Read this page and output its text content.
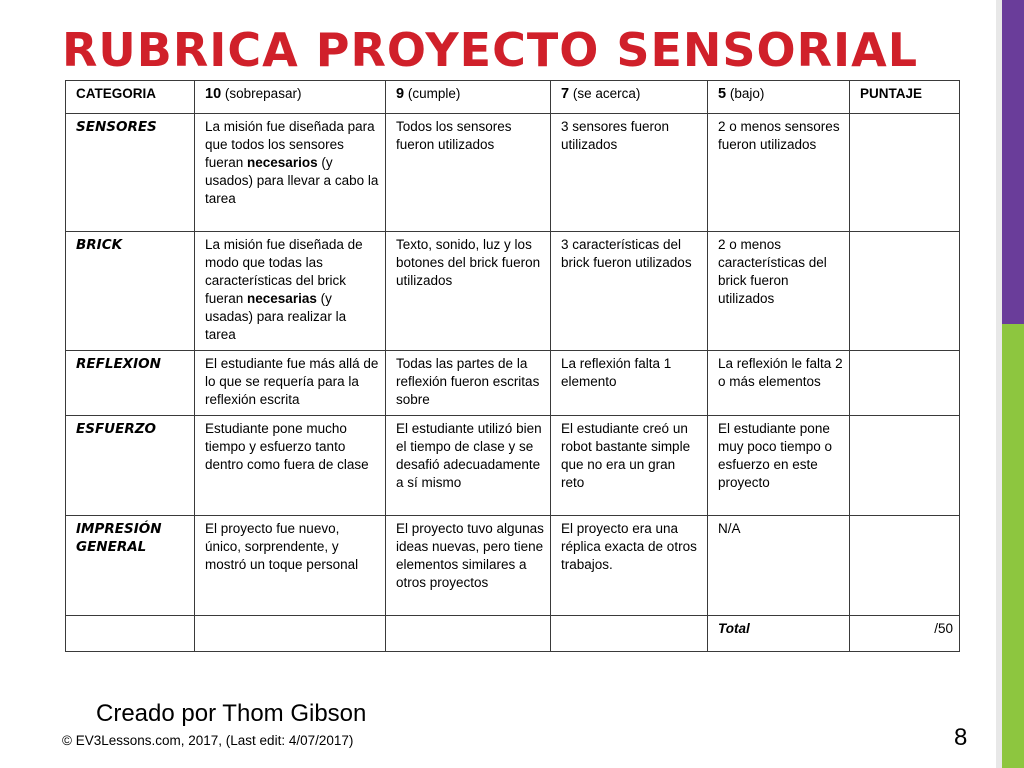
RUBRICA PROYECTO SENSORIAL
CATEGORIA	10 (sobrepasar)	9 (cumple)	7 (se acerca)	5 (bajo)	PUNTAJE
SENSORES	La misión fue diseñada para que todos los sensores fueran necesarios (y usados) para llevar a cabo la tarea	Todos los sensores fueron utilizados	3 sensores fueron utilizados	2 o menos sensores fueron utilizados	
BRICK	La misión fue diseñada de modo que todas las características del brick fueran necesarias (y usadas) para realizar la tarea	Texto, sonido, luz y los botones del brick fueron utilizados	3 características del brick fueron utilizados	2 o menos características del brick fueron utilizados	
REFLEXION	El estudiante fue más allá de lo que se requería para la reflexión escrita	Todas las partes de la reflexión fueron escritas sobre	La reflexión falta 1 elemento	La reflexión le falta 2 o más elementos	
ESFUERZO	Estudiante pone mucho tiempo y esfuerzo tanto dentro como fuera de clase	El estudiante utilizó bien el tiempo de clase y se desafió adecuadamente a sí mismo	El estudiante creó un robot bastante simple que no era un gran reto	El estudiante pone muy poco tiempo o esfuerzo en este proyecto	
IMPRESIÓN GENERAL	El proyecto fue nuevo, único, sorprendente, y mostró un toque personal	El proyecto tuvo algunas ideas nuevas, pero tiene elementos similares a otros proyectos	El proyecto era una réplica exacta de otros trabajos.	N/A	
				Total	/50
Creado por Thom Gibson
© EV3Lessons.com, 2017, (Last edit: 4/07/2017)	8
